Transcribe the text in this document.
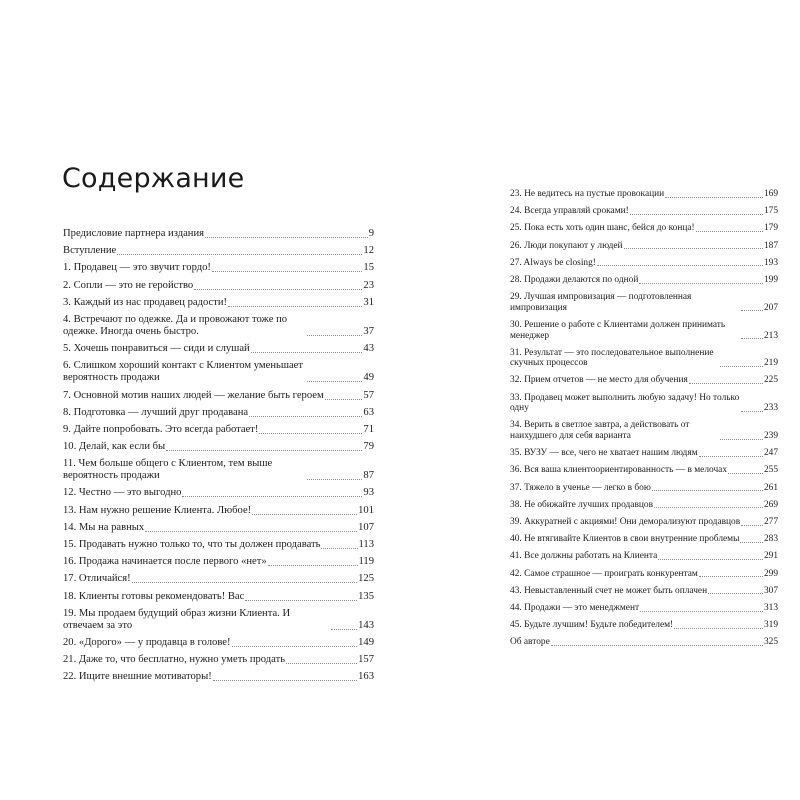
Содержание
Предисловие партнера издания	9
Вступление	12
1. Продавец — это звучит гордо!	15
2. Сопли — это не геройство	23
3. Каждый из нас продавец радости!	31
4. Встречают по одежке. Да и провожают тоже по одежке. Иногда очень быстро.	37
5. Хочешь понравиться — сиди и слушай	43
6. Слишком хороший контакт с Клиентом уменьшает вероятность продажи	49
7. Основной мотив наших людей — желание быть героем	57
8. Подготовка — лучший друг продавана	63
9. Дайте попробовать. Это всегда работает!	71
10. Делай, как если бы	79
11. Чем больше общего с Клиентом, тем выше вероятность продажи	87
12. Честно — это выгодно	93
13. Нам нужно решение Клиента. Любое!	101
14. Мы на равных	107
15. Продавать нужно только то, что ты должен продавать	113
16. Продажа начинается после первого «нет»	119
17. Отличайся!	125
18. Клиенты готовы рекомендовать! Вас	135
19. Мы продаем будущий образ жизни Клиента. И отвечаем за это	143
20. «Дорого» — у продавца в голове!	149
21. Даже то, что бесплатно, нужно уметь продать	157
22. Ищите внешние мотиваторы!	163
23. Не ведитесь на пустые провокации	169
24. Всегда управляй сроками!	175
25. Пока есть хоть один шанс, бейся до конца!	179
26. Люди покупают у людей	187
27. Always be closing!	193
28. Продажи делаются по одной	199
29. Лучшая импровизация — подготовленная импровизация	207
30. Решение о работе с Клиентами должен принимать менеджер	213
31. Результат — это последовательное выполнение скучных процессов	219
32. Прием отчетов — не место для обучения	225
33. Продавец может выполнить любую задачу! Но только одну	233
34. Верить в светлое завтра, а действовать от наихудшего для себя варианта	239
35. ВУЗУ — все, чего не хватает нашим людям	247
36. Вся ваша клиентоориентированность — в мелочах	255
37. Тяжело в ученье — легко в бою	261
38. Не обижайте лучших продавцов	269
39. Аккуратней с акциями! Они деморализуют продавцов	277
40. Не втягивайте Клиентов в свои внутренние проблемы	283
41. Все должны работать на Клиента	291
42. Самое страшное — проиграть конкурентам	299
43. Невыставленный счет не может быть оплачен	307
44. Продажи — это менеджмент	313
45. Будьте лучшим! Будьте победителем!	319
Об авторе	325
